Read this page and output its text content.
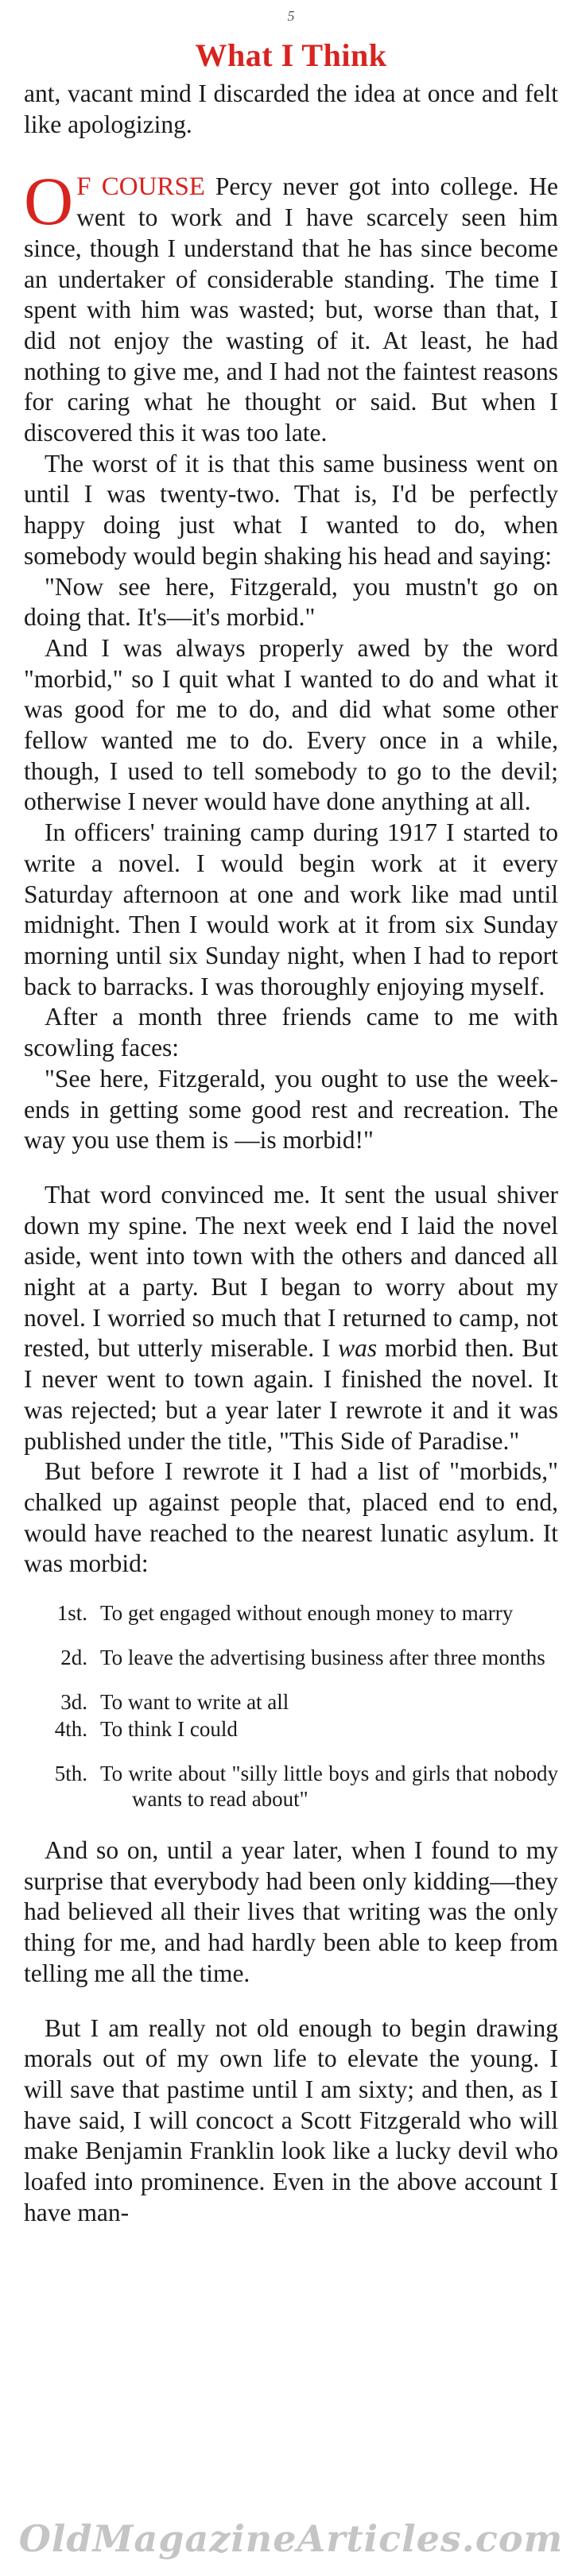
5
What I Think

ant, vacant mind I discarded the idea at once and felt like apologizing.

O F COURSE Percy never got into college. He went to work and I have scarcely seen him since, though I understand that he has since become an undertaker of considerable standing. The time I spent with him was wasted; but, worse than that, I did not enjoy the wasting of it. At least, he had nothing to give me, and I had not the faintest reasons for caring what he thought or said. But when I discovered this it was too late.

The worst of it is that this same business went on until I was twenty-two. That is, I'd be perfectly happy doing just what I wanted to do, when somebody would begin shaking his head and saying:

"Now see here, Fitzgerald, you mustn't go on doing that. It's—it's morbid."

And I was always properly awed by the word "morbid," so I quit what I wanted to do and what it was good for me to do, and did what some other fellow wanted me to do. Every once in a while, though, I used to tell somebody to go to the devil; otherwise I never would have done anything at all.

In officers' training camp during 1917 I started to write a novel. I would begin work at it every Saturday afternoon at one and work like mad until midnight. Then I would work at it from six Sunday morning until six Sunday night, when I had to report back to barracks. I was thoroughly enjoying myself.

After a month three friends came to me with scowling faces:

"See here, Fitzgerald, you ought to use the week-ends in getting some good rest and recreation. The way you use them is —is morbid!"

That word convinced me. It sent the usual shiver down my spine. The next week end I laid the novel aside, went into town with the others and danced all night at a party. But I began to worry about my novel. I worried so much that I returned to camp, not rested, but utterly miserable. I was morbid then. But I never went to town again. I finished the novel. It was rejected; but a year later I rewrote it and it was published under the title, "This Side of Paradise."

But before I rewrote it I had a list of "morbids," chalked up against people that, placed end to end, would have reached to the nearest lunatic asylum. It was morbid:

1st. To get engaged without enough money to marry
2d. To leave the advertising business after three months
3d. To want to write at all
4th. To think I could
5th. To write about "silly little boys and girls that nobody wants to read about"

And so on, until a year later, when I found to my surprise that everybody had been only kidding—they had believed all their lives that writing was the only thing for me, and had hardly been able to keep from telling me all the time.

But I am really not old enough to begin drawing morals out of my own life to elevate the young. I will save that pastime until I am sixty; and then, as I have said, I will concoct a Scott Fitzgerald who will make Benjamin Franklin look like a lucky devil who loafed into prominence. Even in the above account I have man-

OldMagazineArticles.com
